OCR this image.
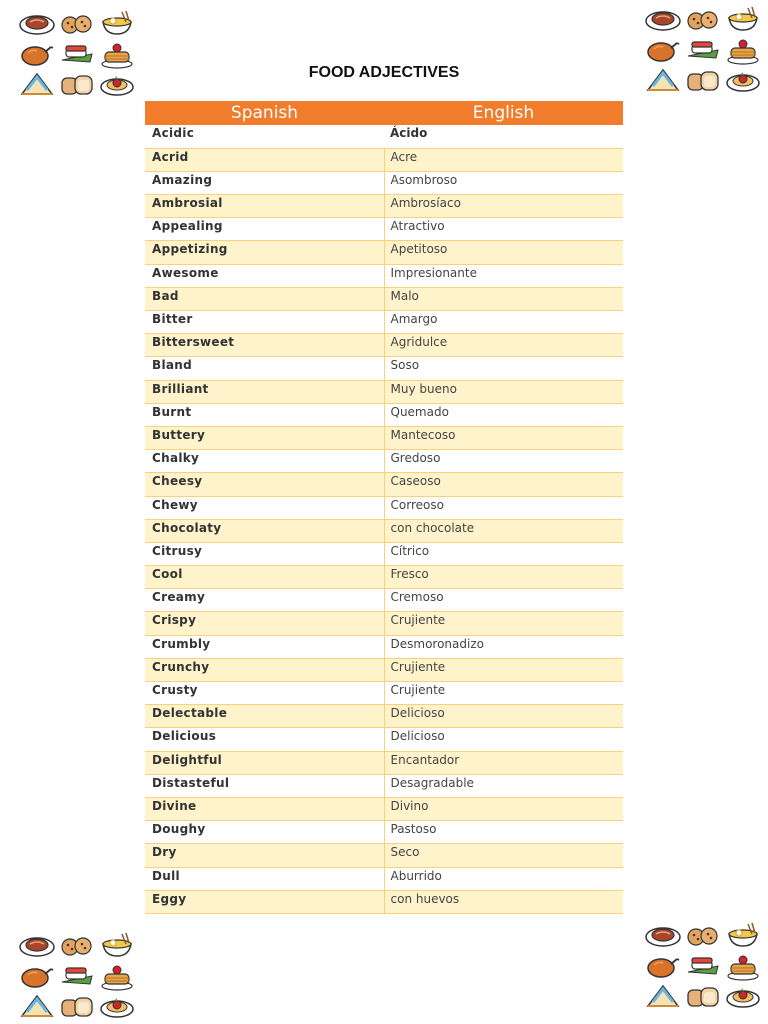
FOOD ADJECTIVES
Spanish	English
Acidic	Ácido
Acrid	Acre
Amazing	Asombroso
Ambrosial	Ambrosíaco
Appealing	Atractivo
Appetizing	Apetitoso
Awesome	Impresionante
Bad	Malo
Bitter	Amargo
Bittersweet	Agridulce
Bland	Soso
Brilliant	Muy bueno
Burnt	Quemado
Buttery	Mantecoso
Chalky	Gredoso
Cheesy	Caseoso
Chewy	Correoso
Chocolaty	con chocolate
Citrusy	Cítrico
Cool	Fresco
Creamy	Cremoso
Crispy	Crujiente
Crumbly	Desmoronadizo
Crunchy	Crujiente
Crusty	Crujiente
Delectable	Delicioso
Delicious	Delicioso
Delightful	Encantador
Distasteful	Desagradable
Divine	Divino
Doughy	Pastoso
Dry	Seco
Dull	Aburrido
Eggy	con huevos
